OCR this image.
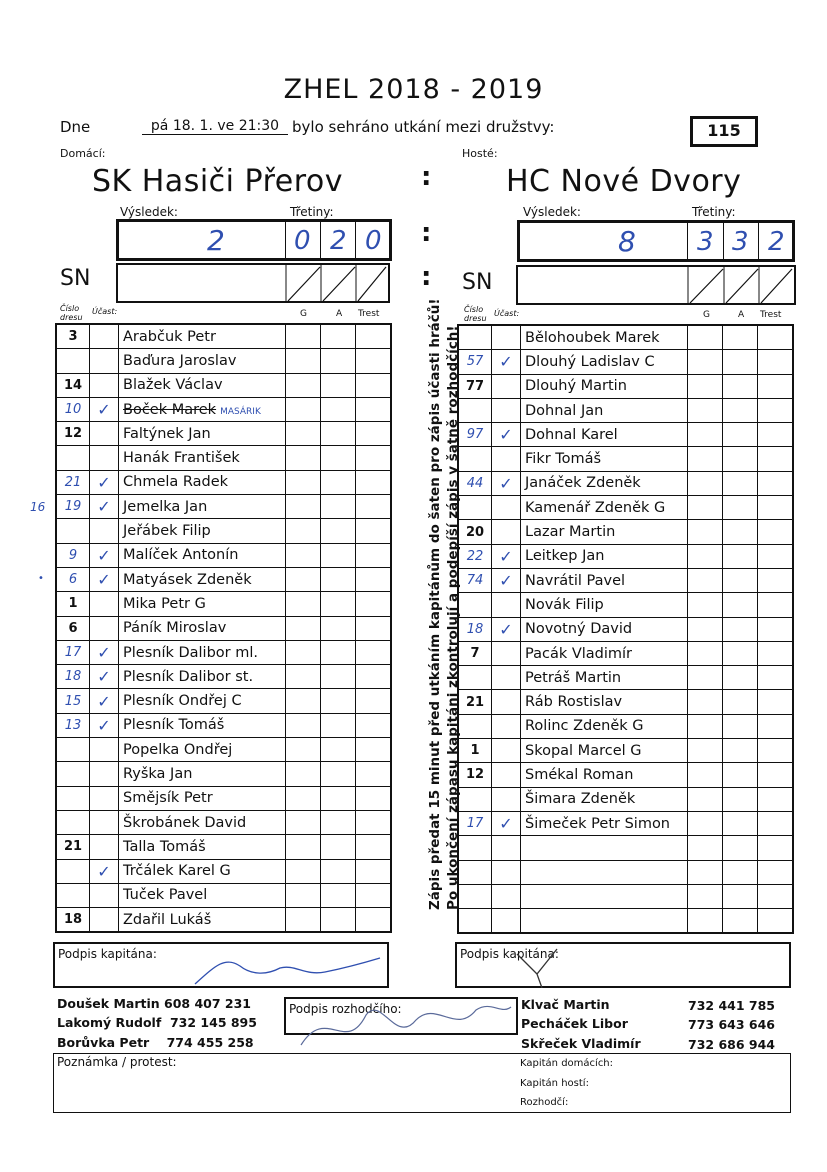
ZHEL 2018 - 2019
Dne	pá 18. 1. ve 21:30 bylo sehráno utkání mezi družstvy:	115
Domácí:	Hosté:
SK Hasiči Přerov	: HC Nové Dvory
Výsledek:	Třetiny:
2	0 2 0 :
Výsledek:	Třetiny:
8 3 3 2
SN	: SN
Číslo dresu
Účast:	G	A Trest	Číslo dresu
Účast:	G	A Trest
3		Arabčuk Petr			
		Baďura Jaroslav			
14		Blažek Václav			
10	✓	Boček Marek MASÁRIK			
12		Faltýnek Jan			
		Hanák František			
21	✓	Chmela Radek			
19	✓	Jemelka Jan			
		Jeřábek Filip			
9	✓	Malíček Antonín			
6	✓	Matyásek Zdeněk			
1		Mika Petr G			
6		Páník Miroslav			
17	✓	Plesník Dalibor ml.			
18	✓	Plesník Dalibor st.			
15	✓	Plesník Ondřej C			
13	✓	Plesník Tomáš			
		Popelka Ondřej			
		Ryška Jan			
		Smějsík Petr			
		Škrobánek David			
21		Talla Tomáš			
	✓	Trčálek Karel G			
		Tuček Pavel			
18		Zdařil Lukáš			
		Bělohoubek Marek			
57	✓	Dlouhý Ladislav C			
77		Dlouhý Martin			
		Dohnal Jan			
97	✓	Dohnal Karel			
		Fikr Tomáš			
44	✓	Janáček Zdeněk			
		Kamenář Zdeněk G			
20		Lazar Martin			
22	✓	Leitkep Jan			
74	✓	Navrátil Pavel			
		Novák Filip			
18	✓	Novotný David			
7		Pacák Vladimír			
		Petráš Martin			
21		Ráb Rostislav			
		Rolinc Zdeněk G			
1		Skopal Marcel G			
12		Smékal Roman			
		Šimara Zdeněk			
17	✓	Šimeček Petr Simon			

Zápis předat 15 minut před utkáním kapitánům do šaten pro zápis účasti hráčů! Po ukončení zápasu kapitáni zkontrolují a podepíší zápis v šatně rozhodčích!
16
•
Podpis kapitána:	Podpis kapitána:
Doušek Martin 608 407 231
Lakomý Rudolf  732 145 895
Borůvka Petr    774 455 258
Podpis rozhodčího:	Klvač Martin
Pecháček Libor
Skřeček Vladimír
732 441 785
773 643 646
732 686 944
Poznámka / protest:	Kapitán domácích:
Kapitán hostí:
Rozhodčí:
